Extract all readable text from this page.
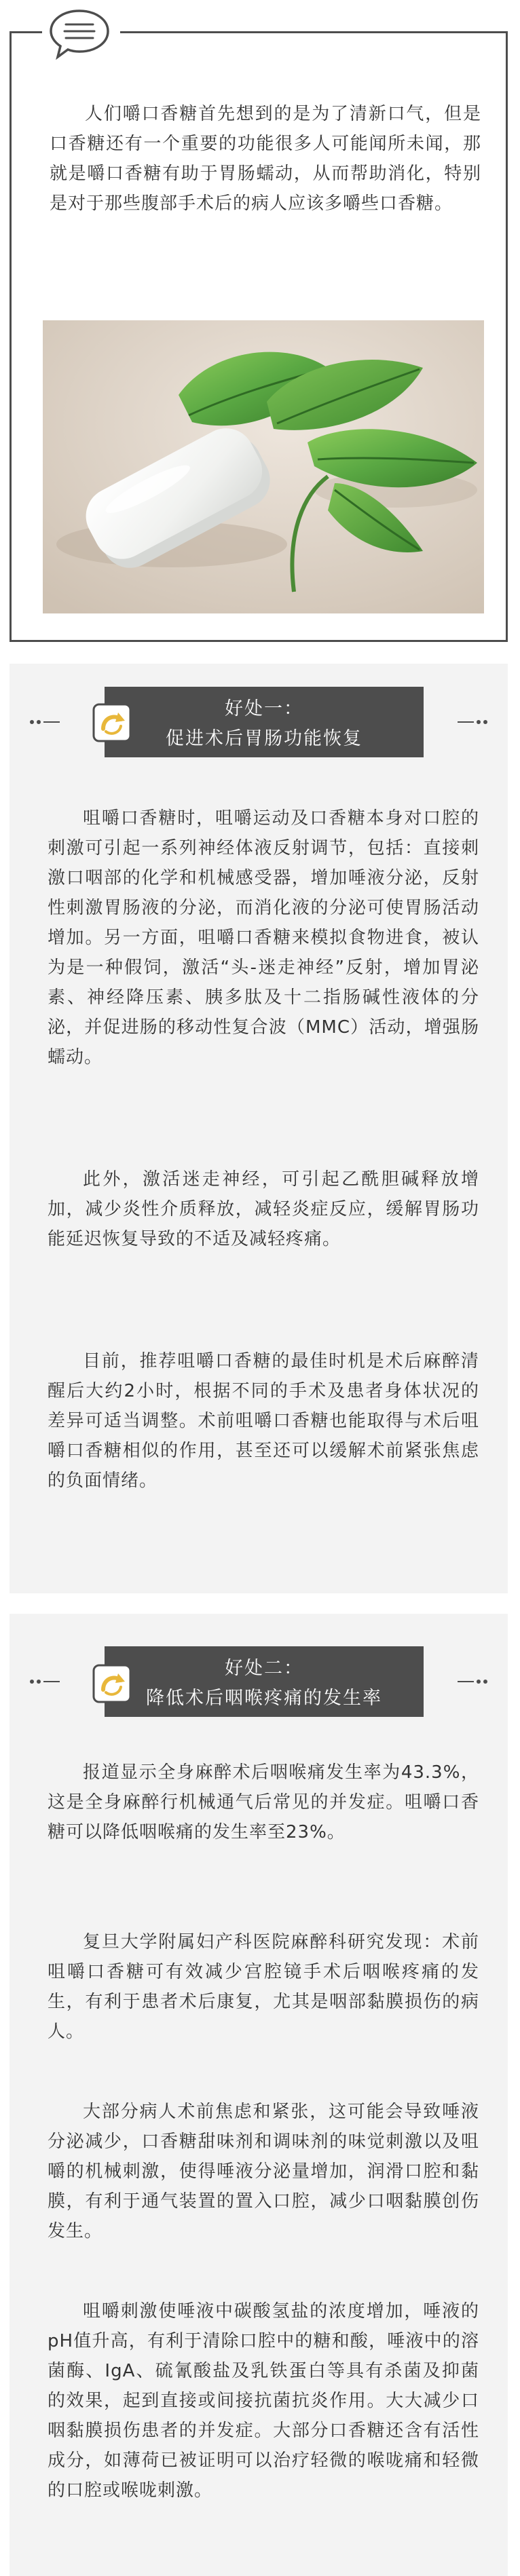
人们嚼口香糖首先想到的是为了清新口气，但是口香糖还有一个重要的功能很多人可能闻所未闻，那就是嚼口香糖有助于胃肠蠕动，从而帮助消化，特别是对于那些腹部手术后的病人应该多嚼些口香糖。

好处一：

促进术后胃肠功能恢复

咀嚼口香糖时，咀嚼运动及口香糖本身对口腔的刺激可引起一系列神经体液反射调节，包括：直接刺激口咽部的化学和机械感受器，增加唾液分泌，反射性刺激胃肠液的分泌，而消化液的分泌可使胃肠活动增加。另一方面，咀嚼口香糖来模拟食物进食，被认为是一种假饲，激活“头-迷走神经”反射，增加胃泌素、神经降压素、胰多肽及十二指肠碱性液体的分泌，并促进肠的移动性复合波（MMC）活动，增强肠蠕动。

此外，激活迷走神经，可引起乙酰胆碱释放增加，减少炎性介质释放，减轻炎症反应，缓解胃肠功能延迟恢复导致的不适及减轻疼痛。

目前，推荐咀嚼口香糖的最佳时机是术后麻醉清醒后大约2小时，根据不同的手术及患者身体状况的差异可适当调整。术前咀嚼口香糖也能取得与术后咀嚼口香糖相似的作用，甚至还可以缓解术前紧张焦虑的负面情绪。

好处二：

降低术后咽喉疼痛的发生率

报道显示全身麻醉术后咽喉痛发生率为43.3%，这是全身麻醉行机械通气后常见的并发症。咀嚼口香糖可以降低咽喉痛的发生率至23%。

复旦大学附属妇产科医院麻醉科研究发现：术前咀嚼口香糖可有效减少宫腔镜手术后咽喉疼痛的发生，有利于患者术后康复，尤其是咽部黏膜损伤的病人。

大部分病人术前焦虑和紧张，这可能会导致唾液分泌减少，口香糖甜味剂和调味剂的味觉刺激以及咀嚼的机械刺激，使得唾液分泌量增加，润滑口腔和黏膜，有利于通气装置的置入口腔，减少口咽黏膜创伤发生。

咀嚼刺激使唾液中碳酸氢盐的浓度增加，唾液的pH值升高，有利于清除口腔中的糖和酸，唾液中的溶菌酶、IgA、硫氰酸盐及乳铁蛋白等具有杀菌及抑菌的效果，起到直接或间接抗菌抗炎作用。大大减少口咽黏膜损伤患者的并发症。大部分口香糖还含有活性成分，如薄荷已被证明可以治疗轻微的喉咙痛和轻微的口腔或喉咙刺激。
